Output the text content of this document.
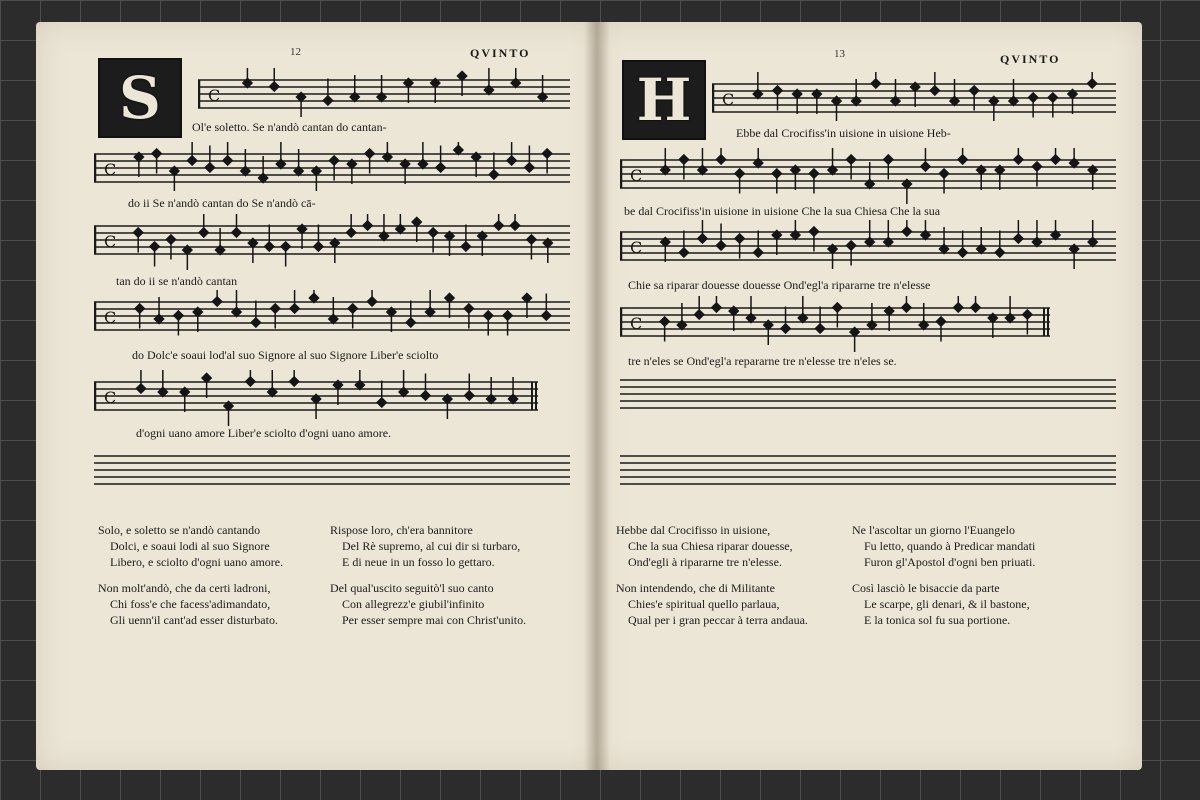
12	QVINTO
S	C
Ol'e soletto. Se n'andò cantan do cantan-
C
do ii Se n'andò cantan do Se n'andò cā-
C
tan do ii se n'andò cantan
C
do Dolc'e soaui lod'al suo Signore al suo Signore Liber'e sciolto
C
d'ogni uano amore Liber'e sciolto d'ogni uano amore.
Solo, e soletto se n'andò cantando
Dolci, e soaui lodi al suo Signore
Libero, e sciolto d'ogni uano amore.
Rispose loro, ch'era bannitore
Del Rè supremo, al cui dir si turbaro,
E di neue in un fosso lo gettaro.
Non molt'andò, che da certi ladroni,
Chi foss'e che facess'adimandato,
Gli uenn'il cant'ad esser disturbato.
Del qual'uscito seguitò'l suo canto
Con allegrezz'e giubil'infinito
Per esser sempre mai con Christ'unito.
13	QVINTO
H C
Ebbe dal Crocifiss'in uisione in uisione Heb-
C
be dal Crocifiss'in uisione in uisione Che la sua Chiesa Che la sua
C
Chie sa riparar douesse douesse Ond'egl'a ripararne tre n'elesse
C
tre n'eles se Ond'egl'a repararne tre n'elesse tre n'eles se.
Hebbe dal Crocifisso in uisione,
Che la sua Chiesa riparar douesse,
Ond'egli à ripararne tre n'elesse.
Ne l'ascoltar un giorno l'Euangelo
Fu letto, quando à Predicar mandati
Furon gl'Apostol d'ogni ben priuati.
Non intendendo, che di Militante
Chies'e spiritual quello parlaua,
Qual per i gran peccar à terra andaua.
Così lasciò le bisaccie da parte
Le scarpe, gli denari, & il bastone,
E la tonica sol fu sua portione.
